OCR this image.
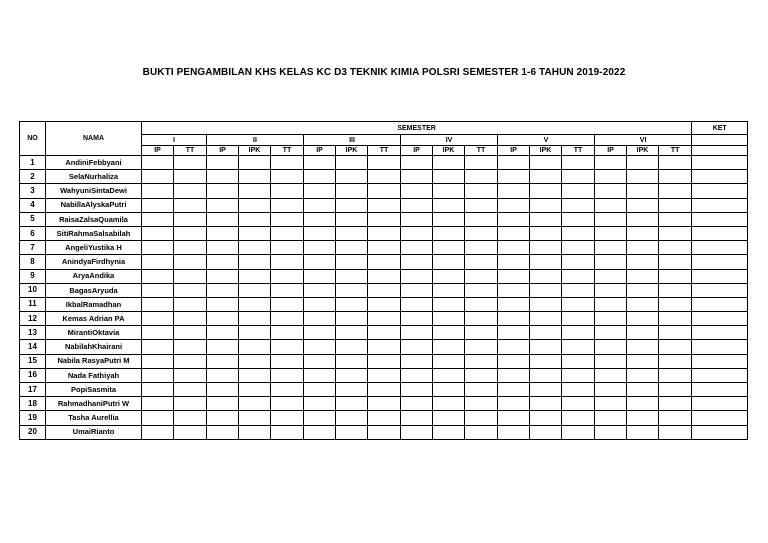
BUKTI PENGAMBILAN KHS KELAS KC D3 TEKNIK KIMIA POLSRI SEMESTER 1-6 TAHUN 2019-2022
NO	NAMA	SEMESTER																	KET
		I		II			III			IV			V			VI			
		IP	TT	IP	IPK	TT	IP	IPK	TT	IP	IPK	TT	IP	IPK	TT	IP	IPK	TT	
1	AndiniFebbyani																		
2	SelaNurhaliza																		
3	WahyuniSintaDewi																		
4	NabillaAlyskaPutri																		
5	RaisaZalsaQuamila																		
6	SitiRahmaSalsabilah																		
7	AngeliYustika H																		
8	AnindyaFirdhynia																		
9	AryaAndika																		
10	BagasAryuda																		
11	IkbalRamadhan																		
12	Kemas Adrian PA																		
13	MirantiOktavia																		
14	NabilahKhairani																		
15	Nabila RasyaPutri M																		
16	Nada Fathiyah																		
17	PopiSasmita																		
18	RahmadhaniPutri W																		
19	Tasha Aurellia																		
20	UmaiRianto																		
